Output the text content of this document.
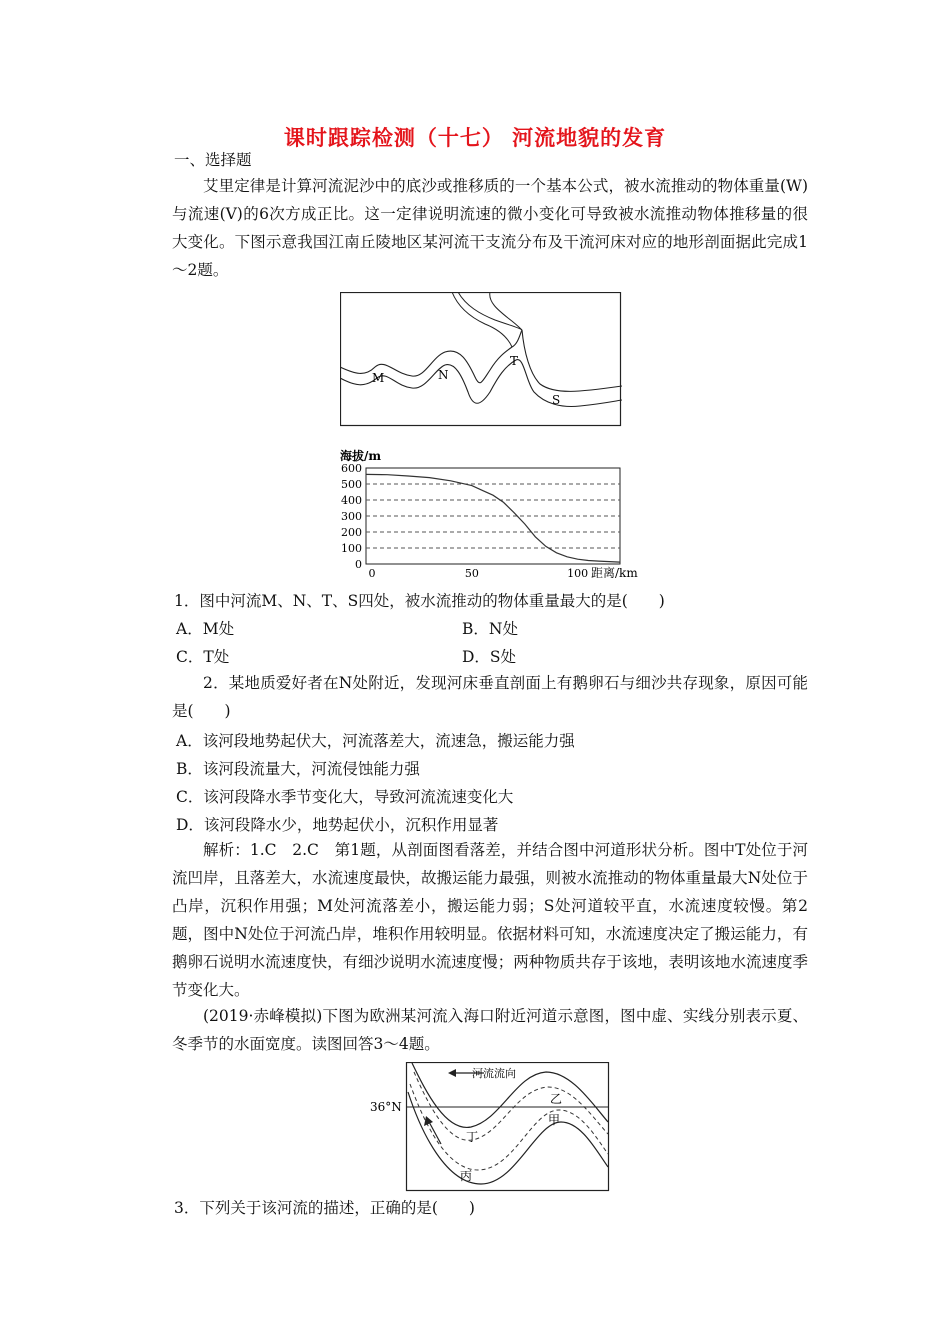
课时跟踪检测（十七） 河流地貌的发育
一、选择题

艾里定律是计算河流泥沙中的底沙或推移质的一个基本公式，被水流推动的物体重量(W)与流速(V)的6次方成正比。这一定律说明流速的微小变化可导致被水流推动物体推移量的很大变化。下图示意我国江南丘陵地区某河流干支流分布及干流河床对应的地形剖面据此完成1～2题。

M	N
T
S
海拔/m
0
100
200
300
400
500
600
0	50	100 距离/km
1．图中河流M、N、T、S四处，被水流推动的物体重量最大的是(　　)
A．M处	B．N处
C．T处	D．S处

2．某地质爱好者在N处附近，发现河床垂直剖面上有鹅卵石与细沙共存现象，原因可能是(　　)

A．该河段地势起伏大，河流落差大，流速急，搬运能力强
B．该河段流量大，河流侵蚀能力强
C．该河段降水季节变化大，导致河流流速变化大
D．该河段降水少，地势起伏小，沉积作用显著

解析：1.C　2.C　第1题，从剖面图看落差，并结合图中河道形状分析。图中T处位于河流凹岸，且落差大，水流速度最快，故搬运能力最强，则被水流推动的物体重量最大N处位于凸岸，沉积作用强；M处河流落差小，搬运能力弱；S处河道较平直，水流速度较慢。第2题，图中N处位于河流凸岸，堆积作用较明显。依据材料可知，水流速度决定了搬运能力，有鹅卵石说明水流速度快，有细沙说明水流速度慢；两种物质共存于该地，表明该地水流速度季节变化大。

(2019·赤峰模拟)下图为欧洲某河流入海口附近河道示意图，图中虚、实线分别表示夏、冬季节的水面宽度。读图回答3～4题。

36°N
河流流向
乙
甲
丁
丙
3．下列关于该河流的描述，正确的是(　　)
